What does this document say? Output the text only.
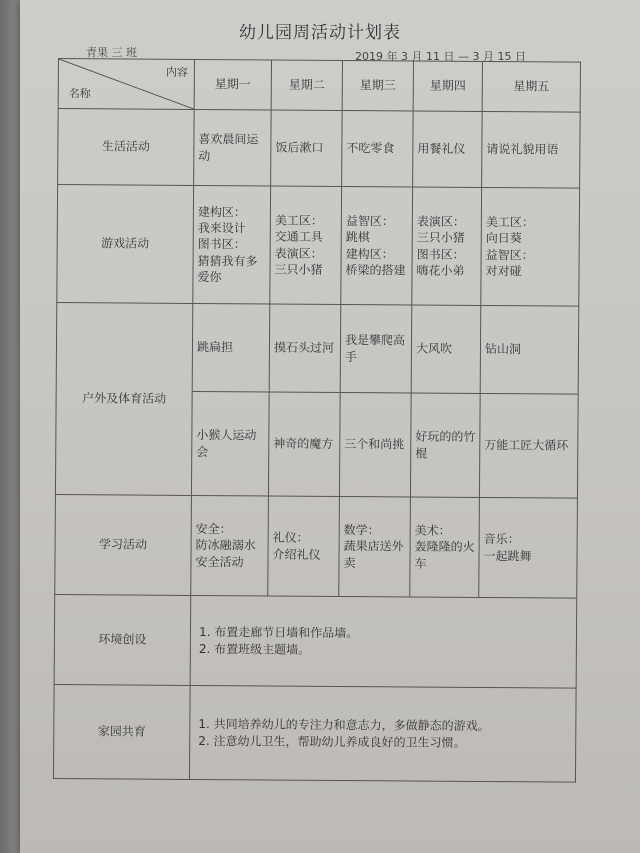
幼儿园周活动计划表
青果 三 班	2019 年 3 月 11 日 — 3 月 15 日
名称
内容	星期一	星期二	星期三	星期四	星期五
生活活动	喜欢晨间运动	饭后漱口	不吃零食	用餐礼仪	请说礼貌用语
游戏活动	建构区：
我来设计
图书区：
猜猜我有多爱你	美工区：
交通工具
表演区：
三只小猪	益智区：
跳棋
建构区：
桥梁的搭建	表演区：
三只小猪
图书区：
嗨花小弟	美工区：
向日葵
益智区：
对对碰
户外及体育活动	跳扁担	摸石头过河	我是攀爬高手	大风吹	钻山洞
	小猴人运动会	神奇的魔方	三个和尚挑	好玩的的竹棍	万能工匠大循环
学习活动	安全：
防冰融溺水安全活动	礼仪：
介绍礼仪	数学：
蔬果店送外卖	美术：
轰隆隆的火车	音乐：
一起跳舞
环境创设	1. 布置走廊节日墙和作品墙。
2. 布置班级主题墙。				
家园共育	1. 共同培养幼儿的专注力和意志力，多做静态的游戏。
2. 注意幼儿卫生，帮助幼儿养成良好的卫生习惯。				
